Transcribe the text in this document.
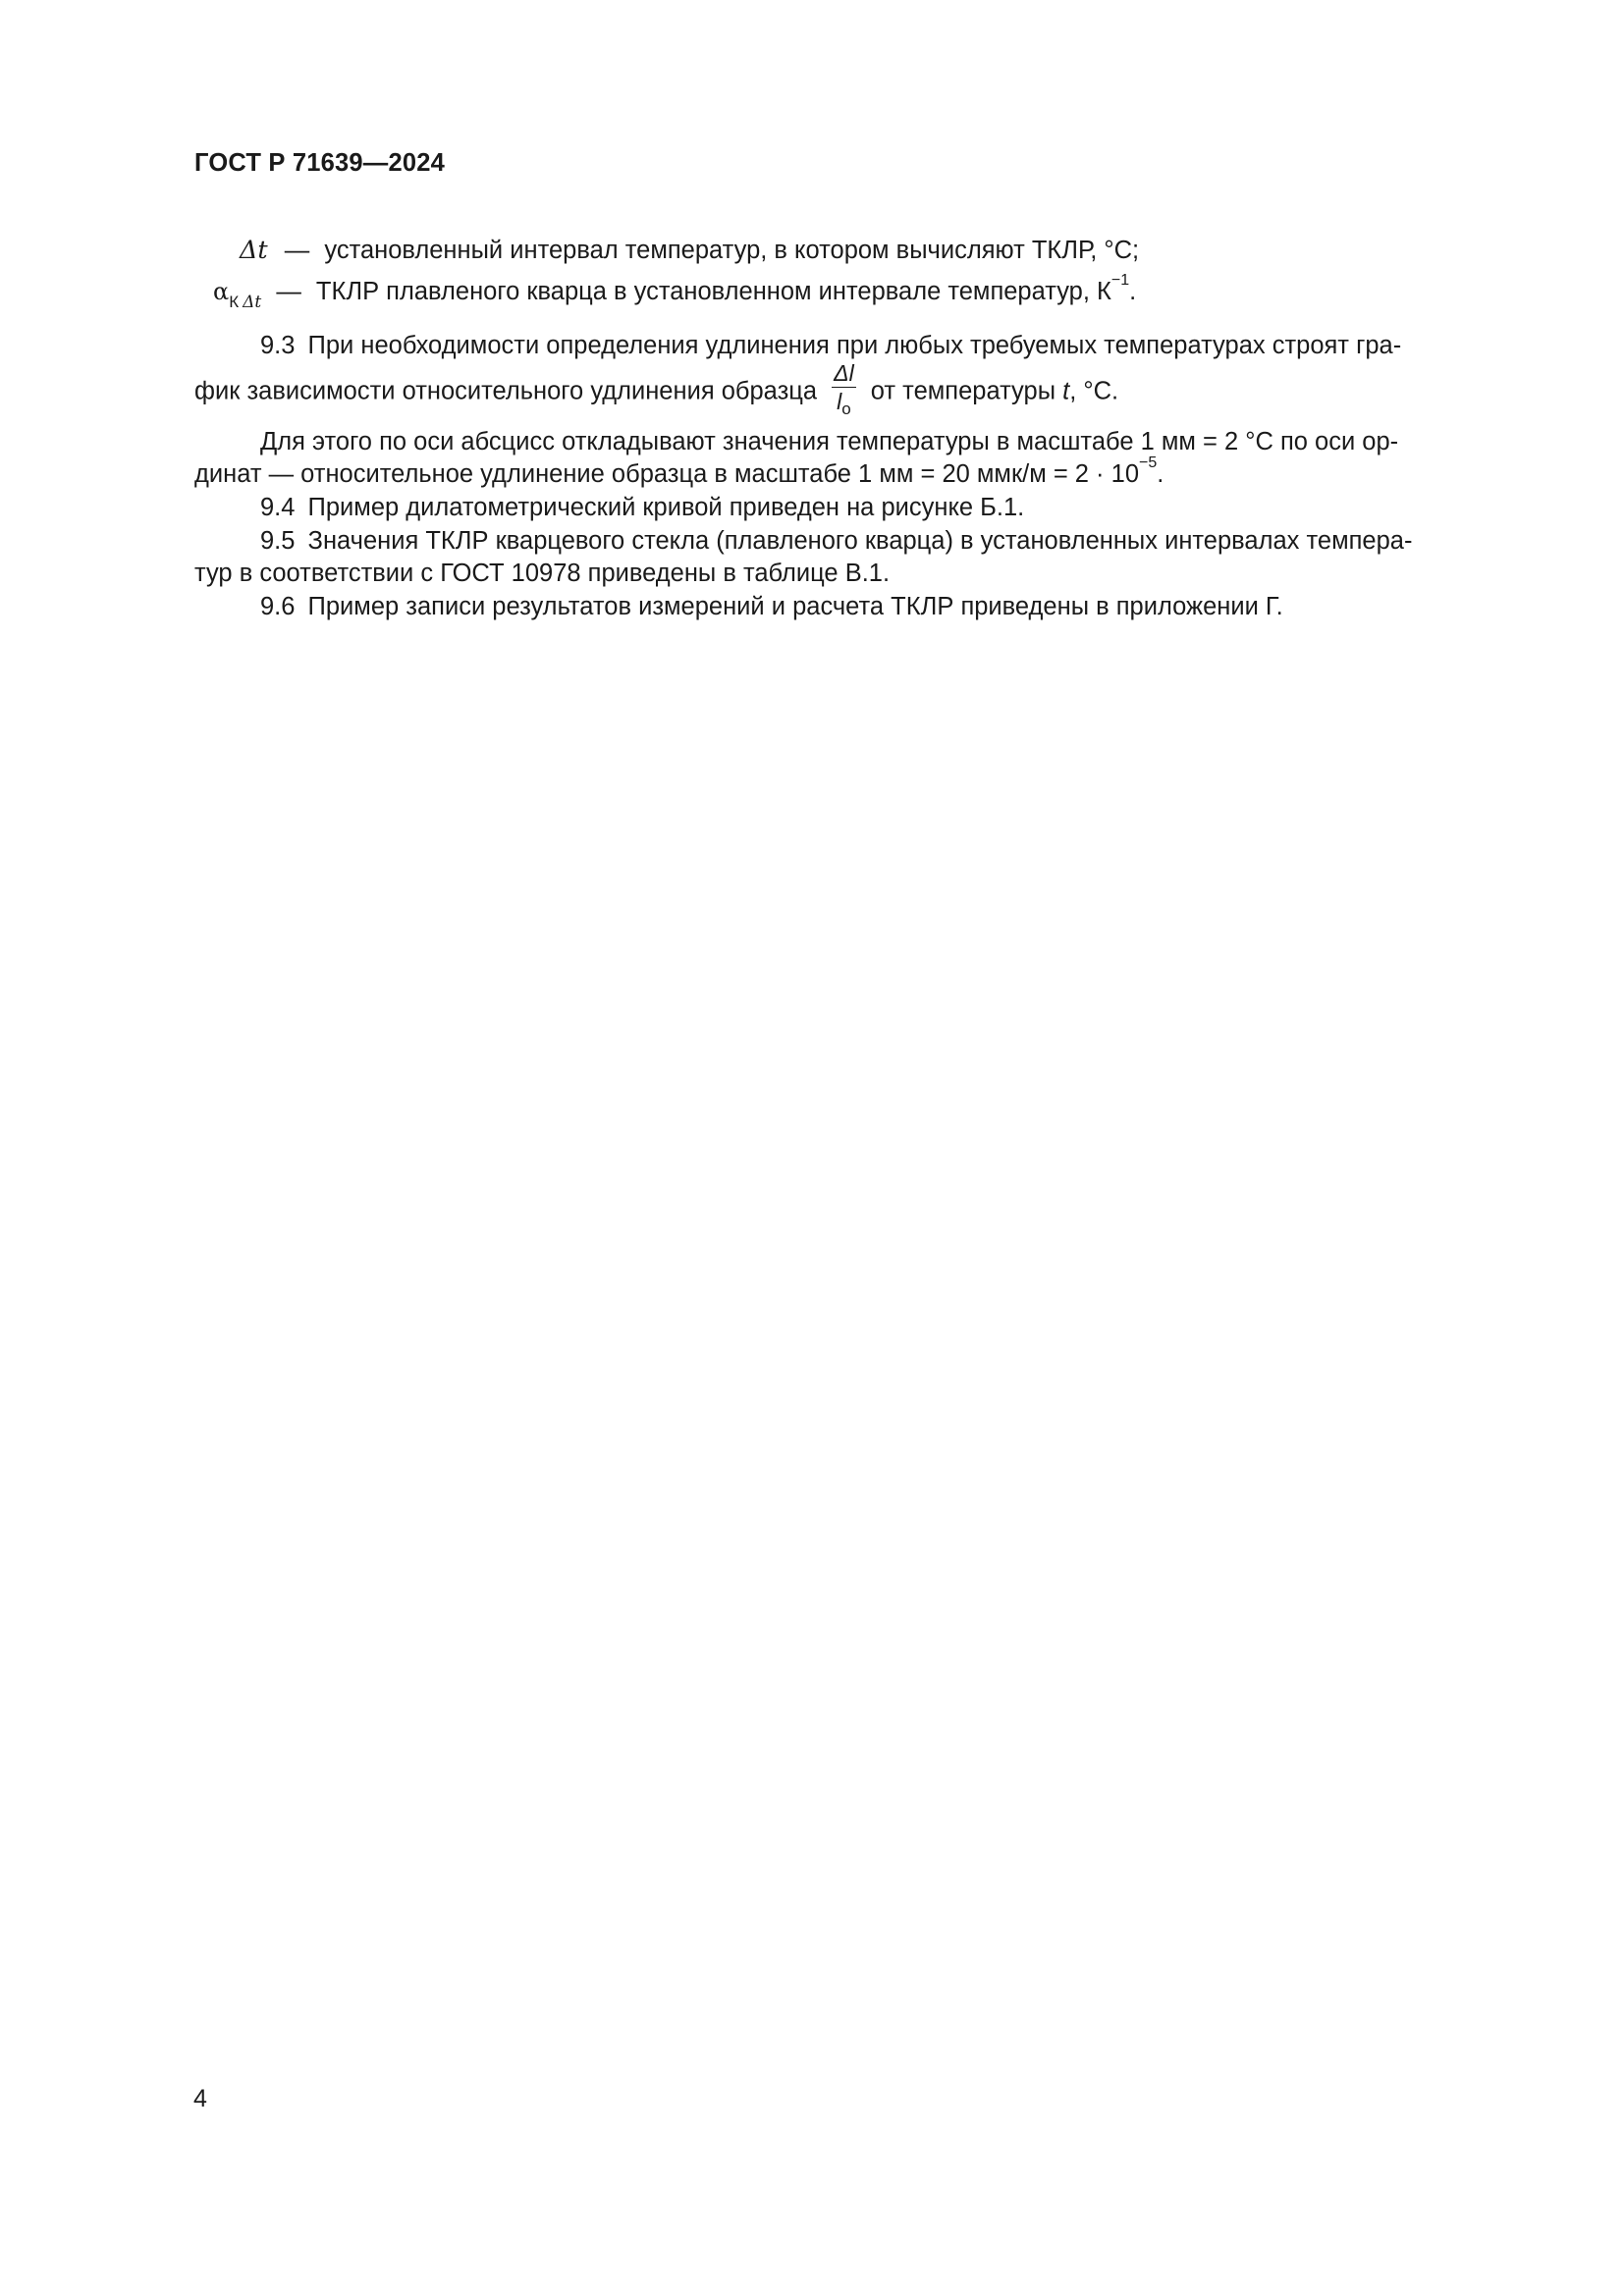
ГОСТ Р 71639—2024
Δt — установленный интервал температур, в котором вычисляют ТКЛР, °С;
$\alpha_К$ $_{\Delta t}$ — ТКЛР плавленого кварца в установленном интервале температур, $К^{-1}$.
9.3 При необходимости определения удлинения при любых требуемых температурах строят гра-
фик зависимости относительного удлинения образца $\frac{\Delta l}{l_о}$ от температуры t, °С.
Для этого по оси абсцисс откладывают значения температуры в масштабе 1 мм = 2 °С по оси ор-
динат — относительное удлинение образца в масштабе 1 мм = 20 $ммк/м = 2 \cdot 10^{-5}$.
9.4 Пример дилатометрический кривой приведен на рисунке Б.1.
9.5 Значения ТКЛР кварцевого стекла (плавленого кварца) в установленных интервалах темпера-
тур в соответствии с ГОСТ 10978 приведены в таблице В.1.
9.6 Пример записи результатов измерений и расчета ТКЛР приведены в приложении Г.
4
